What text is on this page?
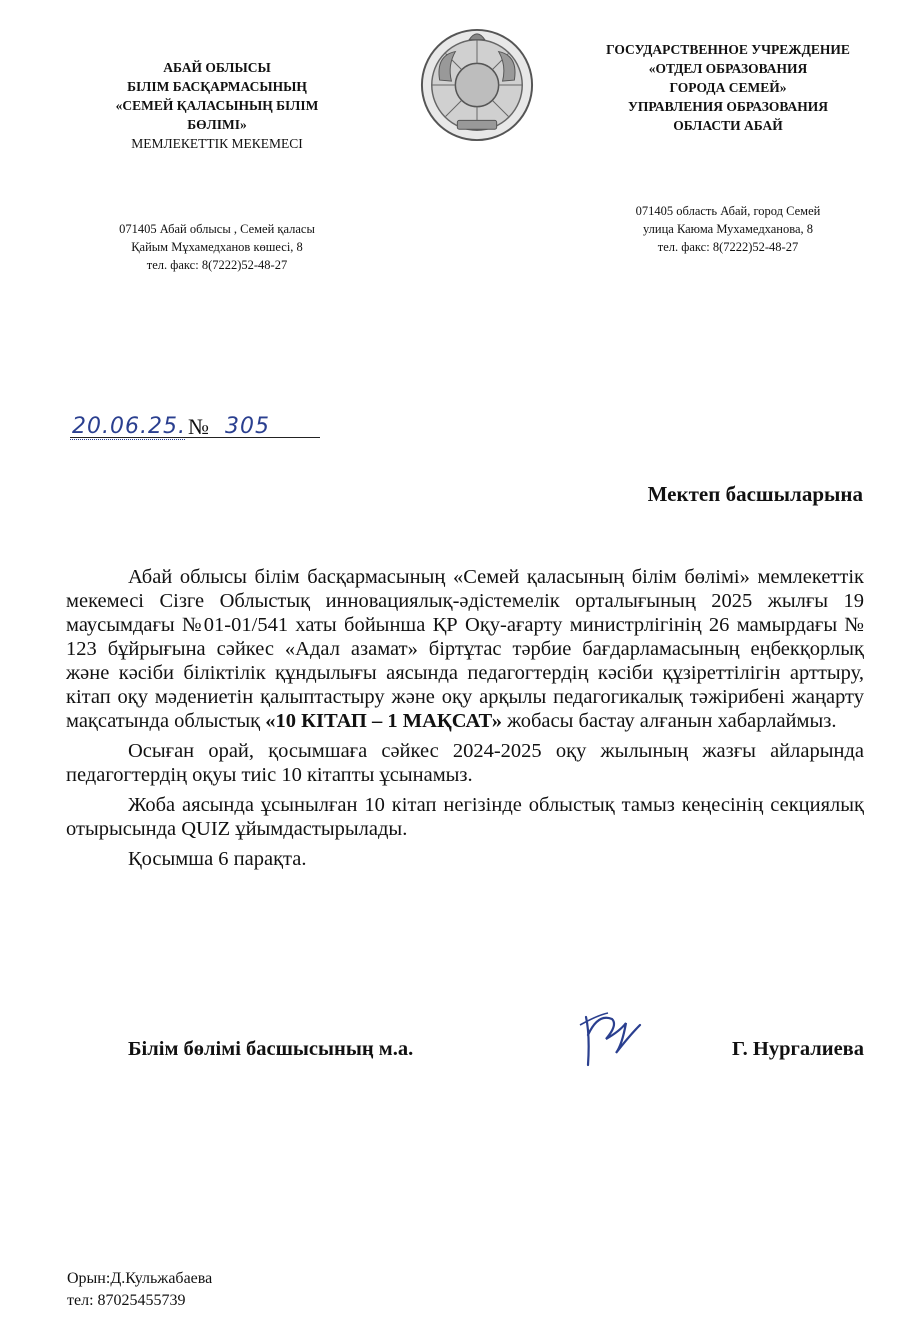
АБАЙ ОБЛЫСЫ
БІЛІМ БАСҚАРМАСЫНЫҢ
«СЕМЕЙ ҚАЛАСЫНЫҢ БІЛІМ
БӨЛІМІ»
МЕМЛЕКЕТТІК МЕКЕМЕСІ
071405 Абай облысы , Семей қаласы
Қайым Мұхамедханов көшесі, 8
тел. факс: 8(7222)52-48-27
ГОСУДАРСТВЕННОЕ УЧРЕЖДЕНИЕ
«ОТДЕЛ ОБРАЗОВАНИЯ
ГОРОДА СЕМЕЙ»
УПРАВЛЕНИЯ ОБРАЗОВАНИЯ
ОБЛАСТИ АБАЙ
071405 область Абай, город Семей
улица Каюма Мухамедханова, 8
тел. факс: 8(7222)52-48-27
20.06.25. № 305
Мектеп басшыларына

Абай облысы білім басқармасының «Семей қаласының білім бөлімі» мемлекеттік мекемесі Сізге Облыстық инновациялық-әдістемелік орталығының 2025 жылғы 19 маусымдағы №01-01/541 хаты бойынша ҚР Оқу-ағарту министрлігінің 26 мамырдағы № 123 бұйрығына сәйкес «Адал азамат» біртұтас тәрбие бағдарламасының еңбекқорлық және кәсіби біліктілік құндылығы аясында педагогтердің кәсіби құзіреттілігін арттыру, кітап оқу мәдениетін қалыптастыру және оқу арқылы педагогикалық тәжірибені жаңарту мақсатында облыстық «10 КІТАП – 1 МАҚСАТ» жобасы бастау алғанын хабарлаймыз.

Осыған орай, қосымшаға сәйкес 2024-2025 оқу жылының жазғы айларында педагогтердің оқуы тиіс 10 кітапты ұсынамыз.

Жоба аясында ұсынылған 10 кітап негізінде облыстық тамыз кеңесінің секциялық отырысында QUIZ ұйымдастырылады.

Қосымша 6 парақта.

Білім бөлімі басшысының м.а.	Г. Нургалиева
Орын:Д.Кульжабаева
тел: 87025455739
